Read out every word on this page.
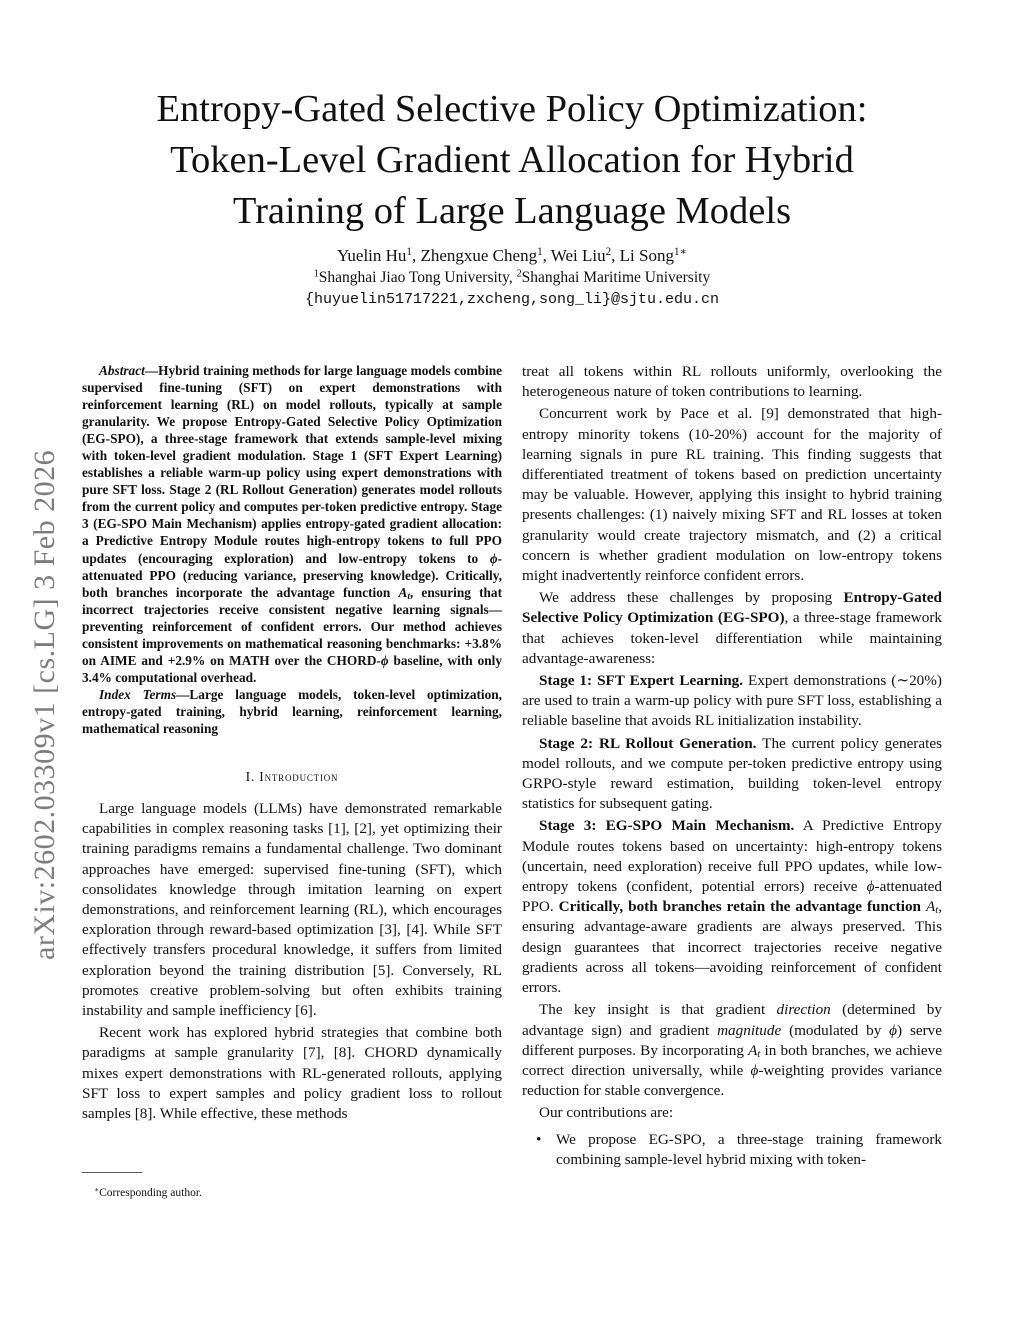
arXiv:2602.03309v1 [cs.LG] 3 Feb 2026
Entropy-Gated Selective Policy Optimization:
Token-Level Gradient Allocation for Hybrid
Training of Large Language Models
Yuelin Hu$^1$, Zhengxue Cheng$^1$, Wei Liu$^2$, Li Song$^{1∗}$
$^1$Shanghai Jiao Tong University, $^2$Shanghai Maritime University
{huyuelin51717221,zxcheng,song_li}@sjtu.edu.cn

Abstract—Hybrid training methods for large language models combine supervised fine-tuning (SFT) on expert demonstrations with reinforcement learning (RL) on model rollouts, typically at sample granularity. We propose Entropy-Gated Selective Policy Optimization (EG-SPO), a three-stage framework that extends sample-level mixing with token-level gradient modulation. Stage 1 (SFT Expert Learning) establishes a reliable warm-up policy using expert demonstrations with pure SFT loss. Stage 2 (RL Rollout Generation) generates model rollouts from the current policy and computes per-token predictive entropy. Stage 3 (EG-SPO Main Mechanism) applies entropy-gated gradient allocation: a Predictive Entropy Module routes high-entropy tokens to full PPO updates (encouraging exploration) and low-entropy tokens to ϕ-attenuated PPO (reducing variance, preserving knowledge). Critically, both branches incorporate the advantage function $A_t$, ensuring that incorrect trajectories receive consistent negative learning signals—preventing reinforcement of confident errors. Our method achieves consistent improvements on mathematical reasoning benchmarks: +3.8% on AIME and +2.9% on MATH over the CHORD-ϕ baseline, with only 3.4% computational overhead.

Index Terms—Large language models, token-level optimization, entropy-gated training, hybrid learning, reinforcement learning, mathematical reasoning

I. Introduction

Large language models (LLMs) have demonstrated remarkable capabilities in complex reasoning tasks [1], [2], yet optimizing their training paradigms remains a fundamental challenge. Two dominant approaches have emerged: supervised fine-tuning (SFT), which consolidates knowledge through imitation learning on expert demonstrations, and reinforcement learning (RL), which encourages exploration through reward-based optimization [3], [4]. While SFT effectively transfers procedural knowledge, it suffers from limited exploration beyond the training distribution [5]. Conversely, RL promotes creative problem-solving but often exhibits training instability and sample inefficiency [6].

Recent work has explored hybrid strategies that combine both paradigms at sample granularity [7], [8]. CHORD dynamically mixes expert demonstrations with RL-generated rollouts, applying SFT loss to expert samples and policy gradient loss to rollout samples [8]. While effective, these methods

treat all tokens within RL rollouts uniformly, overlooking the heterogeneous nature of token contributions to learning.

Concurrent work by Pace et al. [9] demonstrated that high-entropy minority tokens (10-20%) account for the majority of learning signals in pure RL training. This finding suggests that differentiated treatment of tokens based on prediction uncertainty may be valuable. However, applying this insight to hybrid training presents challenges: (1) naively mixing SFT and RL losses at token granularity would create trajectory mismatch, and (2) a critical concern is whether gradient modulation on low-entropy tokens might inadvertently reinforce confident errors.

We address these challenges by proposing Entropy-Gated Selective Policy Optimization (EG-SPO), a three-stage framework that achieves token-level differentiation while maintaining advantage-awareness:

Stage 1: SFT Expert Learning. Expert demonstrations (∼20%) are used to train a warm-up policy with pure SFT loss, establishing a reliable baseline that avoids RL initialization instability.

Stage 2: RL Rollout Generation. The current policy generates model rollouts, and we compute per-token predictive entropy using GRPO-style reward estimation, building token-level entropy statistics for subsequent gating.

Stage 3: EG-SPO Main Mechanism. A Predictive Entropy Module routes tokens based on uncertainty: high-entropy tokens (uncertain, need exploration) receive full PPO updates, while low-entropy tokens (confident, potential errors) receive ϕ-attenuated PPO. Critically, both branches retain the advantage function $A_t$, ensuring advantage-aware gradients are always preserved. This design guarantees that incorrect trajectories receive negative gradients across all tokens—avoiding reinforcement of confident errors.

The key insight is that gradient direction (determined by advantage sign) and gradient magnitude (modulated by ϕ) serve different purposes. By incorporating $A_t$ in both branches, we achieve correct direction universally, while ϕ-weighting provides variance reduction for stable convergence.

Our contributions are:

• We propose EG-SPO, a three-stage training framework combining sample-level hybrid mixing with token-
∗Corresponding author.
